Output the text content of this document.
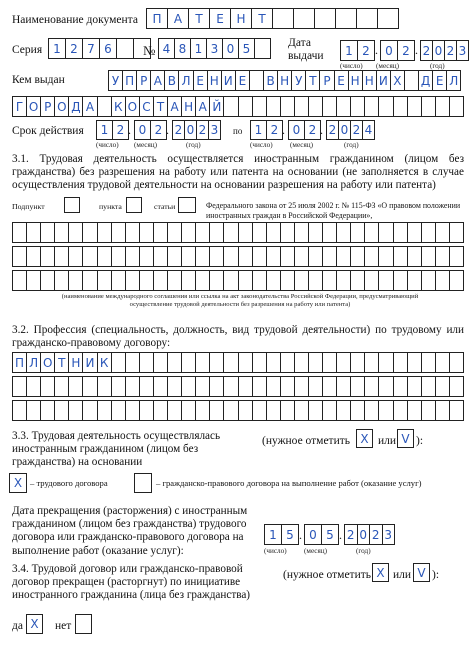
Наименование документа	П	А	Т	Е	Н	Т
Серия 1 2 7 6	№ 4 8 1 3 0 5	Дата
выдачи	1 2 . 0 2 . 2 0 2 3
(число) (месяц)	(год)
Кем выдан	У П Р А В Л Е Н И Е	В Н У Т Р Е Н Н И Х Д Е Л
Г О Р О Д А К О С Т А Н А Й
Срок действия	1 2 . 0 2 . 2 0 2 3 по	1 2 . 0 2 . 2 0 2 4
(число) (месяц)	(год)	(число) (месяц)	(год)
3.1. Трудовая деятельность осуществляется иностранным гражданином (лицом без гражданства) без разрешения на работу или патента на основании (не заполняется в случае осуществления трудовой деятельности на основании разрешения на работу или патента)
Подпункт	пункта	статьи	Федерального закона от 25 июля 2002 г. № 115-ФЗ «О правовом положении иностранных граждан в Российской Федерации»,
(наименование международного соглашения или ссылка на акт законодательства Российской Федерации, предусматривающий осуществление трудовой деятельности без разрешения на работу или патента)
3.2. Профессия (специальность, должность, вид трудовой деятельности) по трудовому или гражданско-правовому договору:
П Л О Т Н И К
3.3. Трудовая деятельность осуществлялась иностранным гражданином (лицом без гражданства) на основании
(нужное отметить X или V ):
X – трудового договора	– гражданско-правового договора на выполнение работ (оказание услуг)
Дата прекращения (расторжения) с иностранным гражданином (лицом без гражданства) трудового договора или гражданско-правового договора на выполнение работ (оказание услуг):
1 5 . 0 5 . 2 0 2 3
(число) (месяц)	(год)
3.4. Трудовой договор или гражданско-правовой договор прекращен (расторгнут) по инициативе иностранного гражданина (лица без гражданства)
(нужное отметить X или V ):
да X	нет
